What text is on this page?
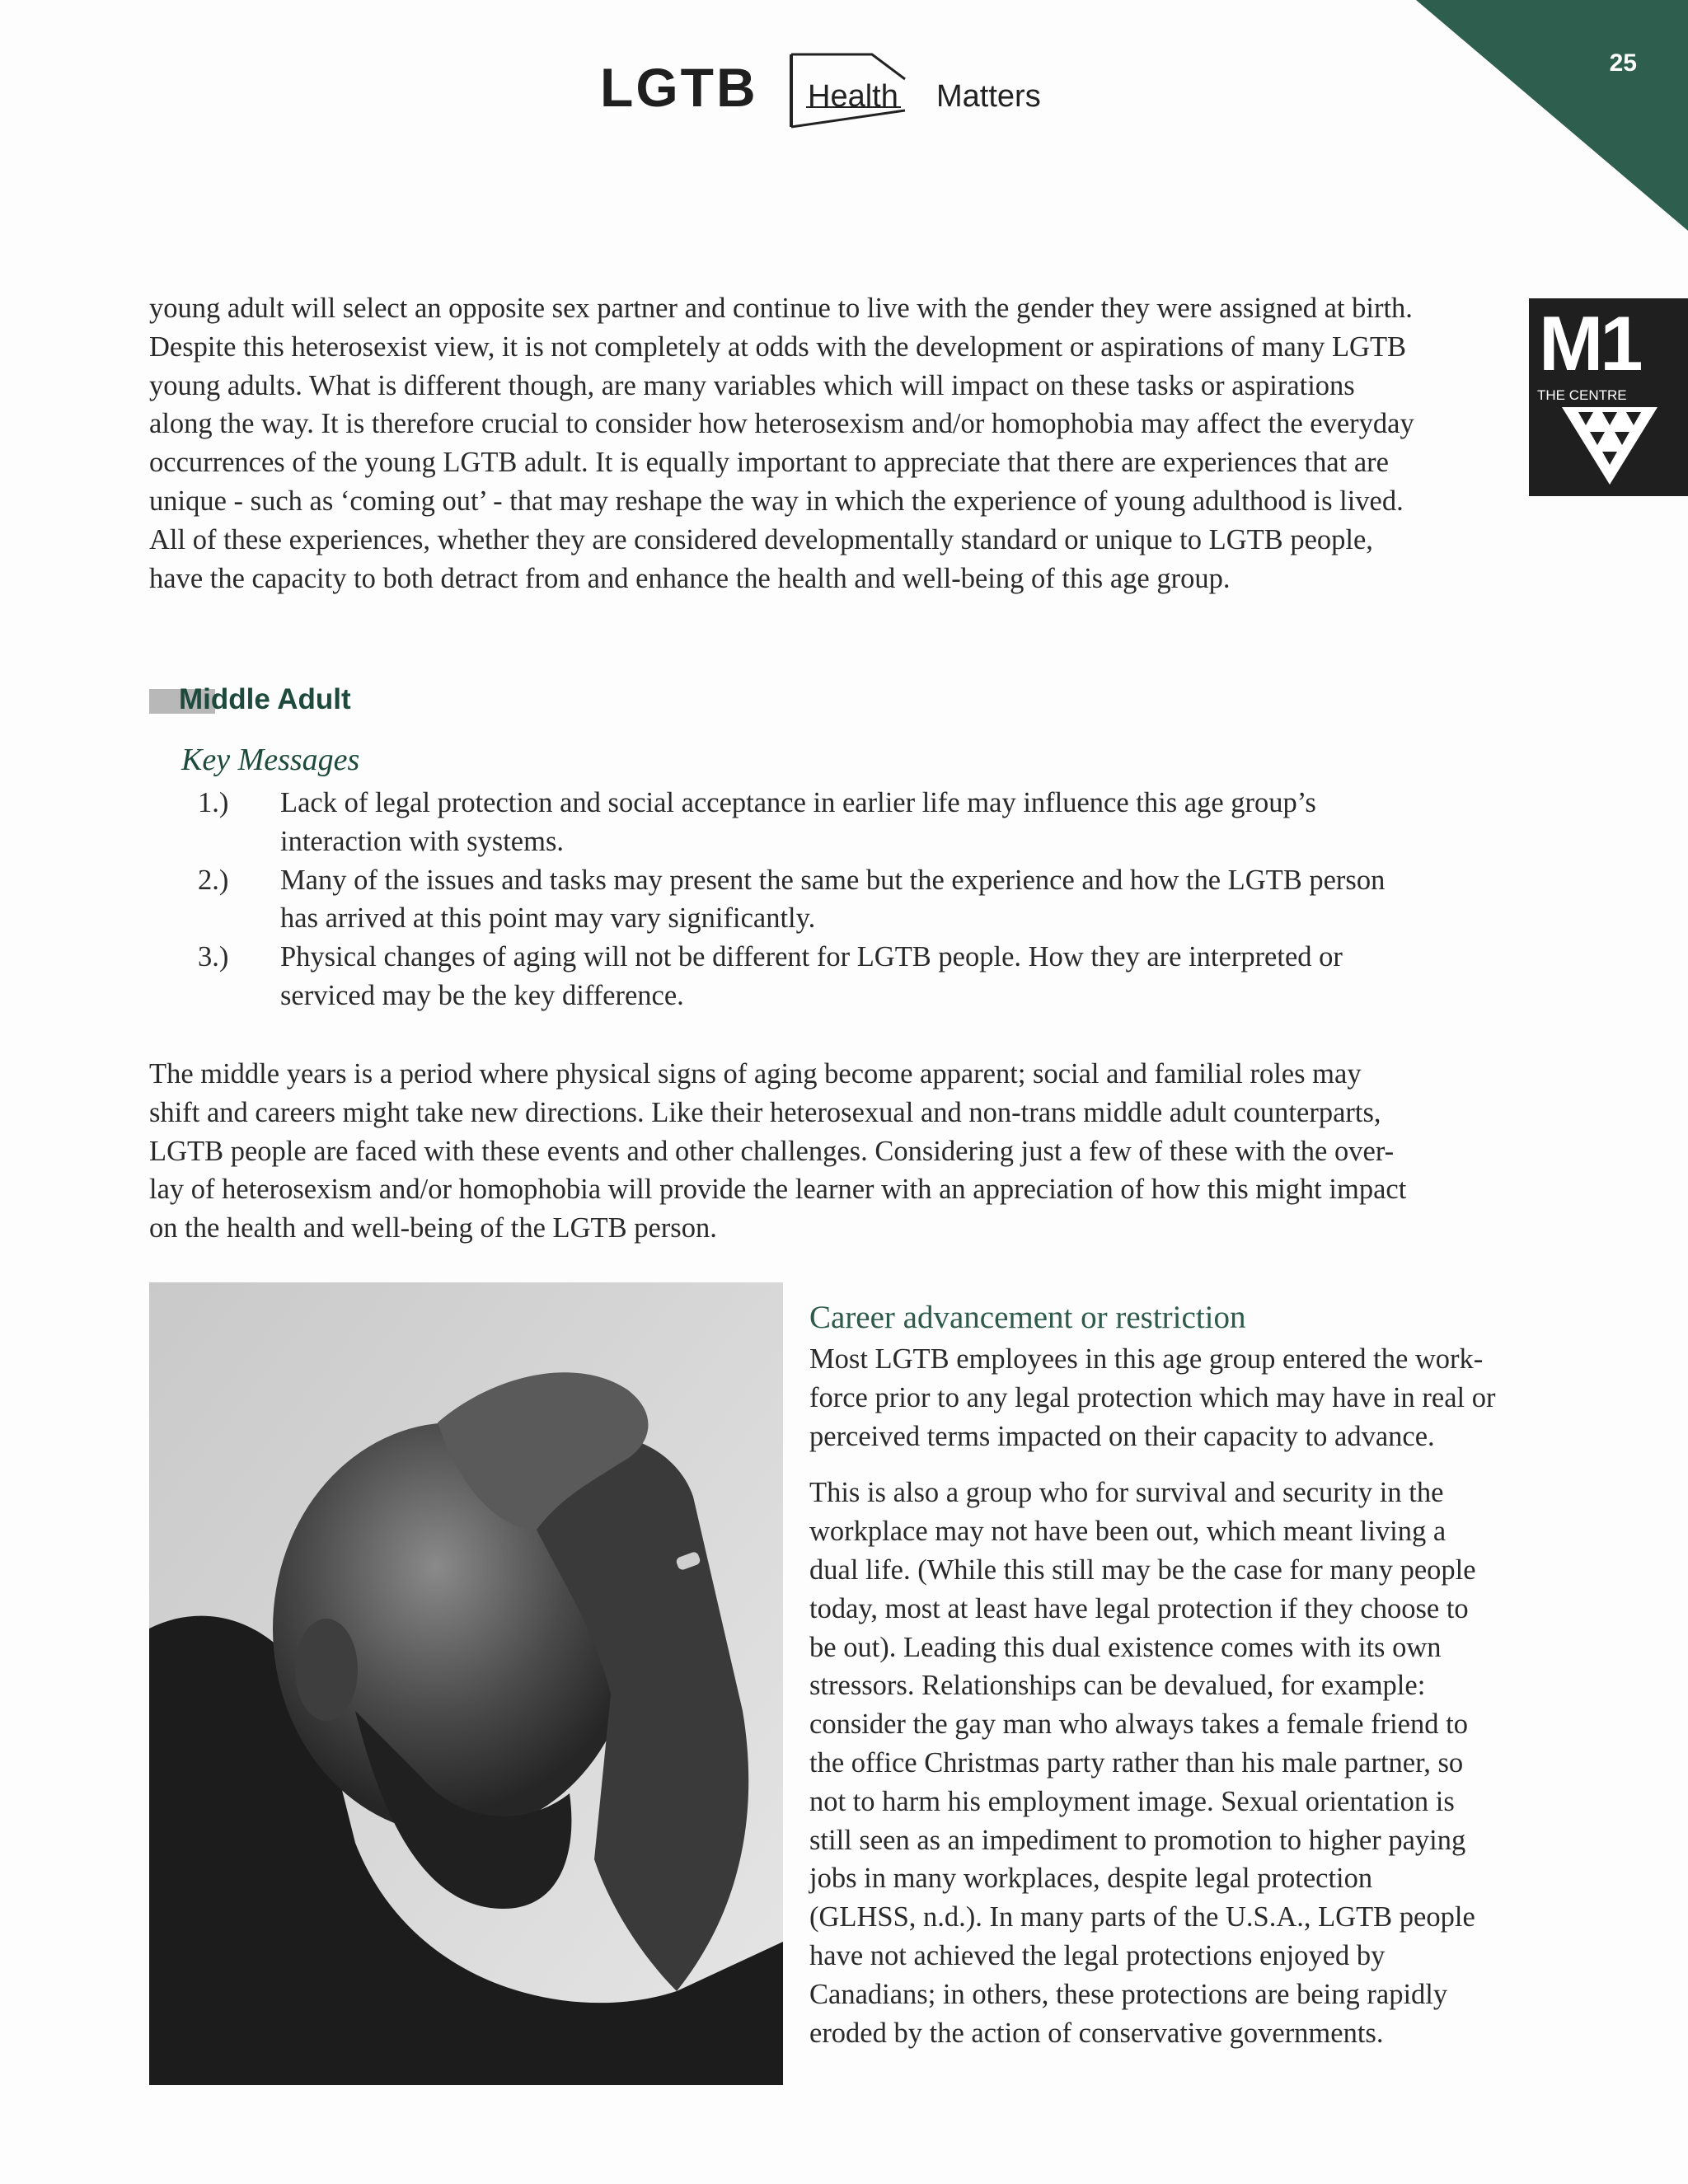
25
LGTB Health Matters
M1
THE CENTRE

young adult will select an opposite sex partner and continue to live with the gender they were assigned at birth.

Despite this heterosexist view, it is not completely at odds with the development or aspirations of many LGTB

young adults. What is different though, are many variables which will impact on these tasks or aspirations

along the way. It is therefore crucial to consider how heterosexism and/or homophobia may affect the everyday

occurrences of the young LGTB adult. It is equally important to appreciate that there are experiences that are

unique - such as ‘coming out’ - that may reshape the way in which the experience of young adulthood is lived.

All of these experiences, whether they are considered developmentally standard or unique to LGTB people,

have the capacity to both detract from and enhance the health and well-being of this age group.

Middle Adult
Key Messages
1.) Lack of legal protection and social acceptance in earlier life may influence this age group’s
interaction with systems.
2.) Many of the issues and tasks may present the same but the experience and how the LGTB person
has arrived at this point may vary significantly.
3.) Physical changes of aging will not be different for LGTB people. How they are interpreted or
serviced may be the key difference.

The middle years is a period where physical signs of aging become apparent; social and familial roles may

shift and careers might take new directions. Like their heterosexual and non-trans middle adult counterparts,

LGTB people are faced with these events and other challenges. Considering just a few of these with the over-

lay of heterosexism and/or homophobia will provide the learner with an appreciation of how this might impact

on the health and well-being of the LGTB person.

Career advancement or restriction

Most LGTB employees in this age group entered the work-
force prior to any legal protection which may have in real or
perceived terms impacted on their capacity to advance.

This is also a group who for survival and security in the
workplace may not have been out, which meant living a
dual life. (While this still may be the case for many people
today, most at least have legal protection if they choose to
be out). Leading this dual existence comes with its own
stressors. Relationships can be devalued, for example:
consider the gay man who always takes a female friend to
the office Christmas party rather than his male partner, so
not to harm his employment image. Sexual orientation is
still seen as an impediment to promotion to higher paying
jobs in many workplaces, despite legal protection
(GLHSS, n.d.). In many parts of the U.S.A., LGTB people
have not achieved the legal protections enjoyed by
Canadians; in others, these protections are being rapidly
eroded by the action of conservative governments.
